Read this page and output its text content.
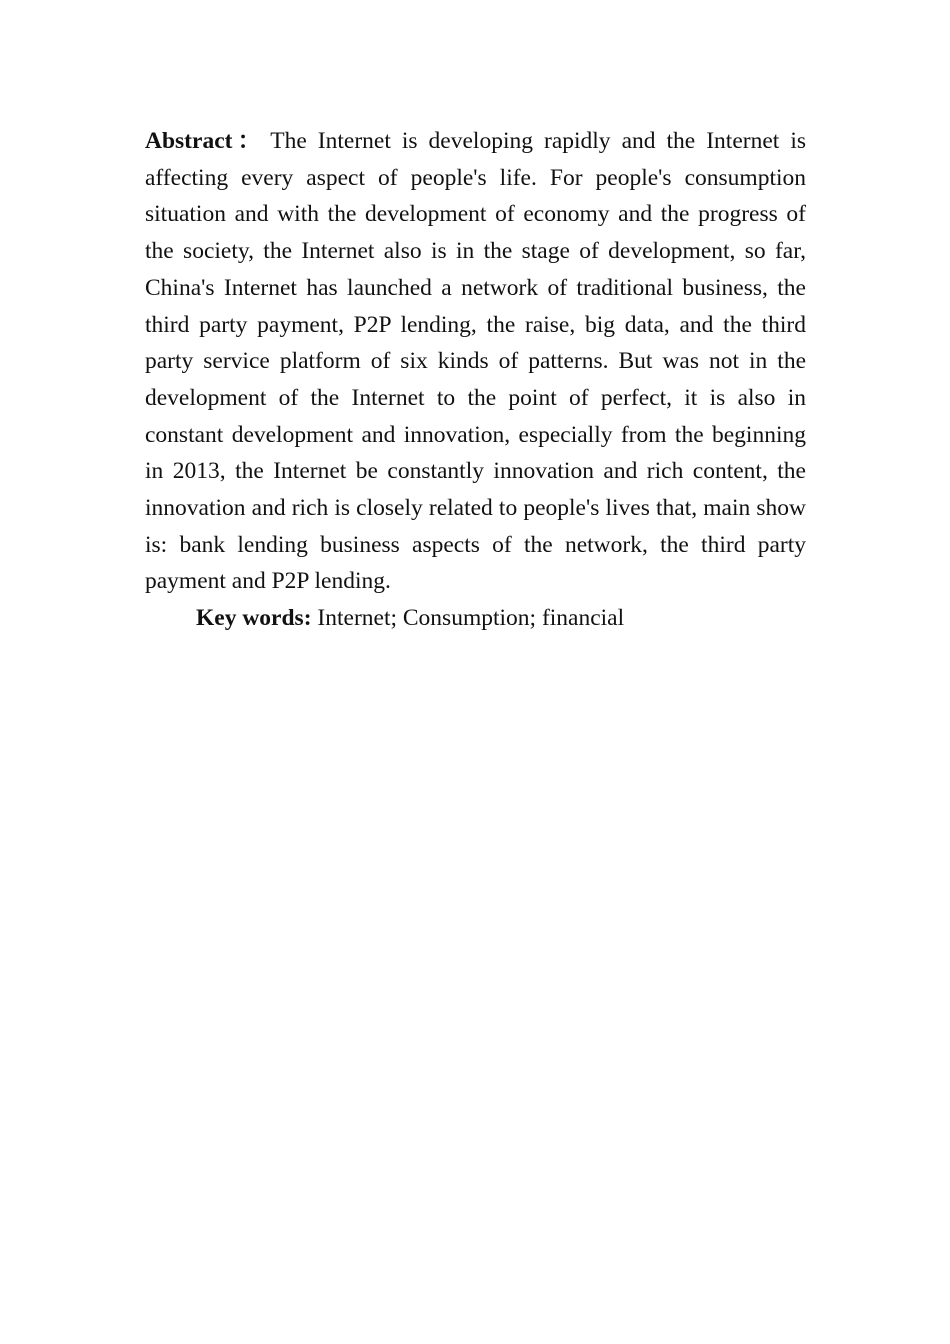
Abstract： The Internet is developing rapidly and the Internet is affecting every aspect of people's life. For people's consumption situation and with the development of economy and the progress of the society, the Internet also is in the stage of development, so far, China's Internet has launched a network of traditional business, the third party payment, P2P lending, the raise, big data, and the third party service platform of six kinds of patterns. But was not in the development of the Internet to the point of perfect, it is also in constant development and innovation, especially from the beginning in 2013, the Internet be constantly innovation and rich content, the innovation and rich is closely related to people's lives that, main show is: bank lending business aspects of the network, the third party payment and P2P lending.

Key words: Internet; Consumption; financial
